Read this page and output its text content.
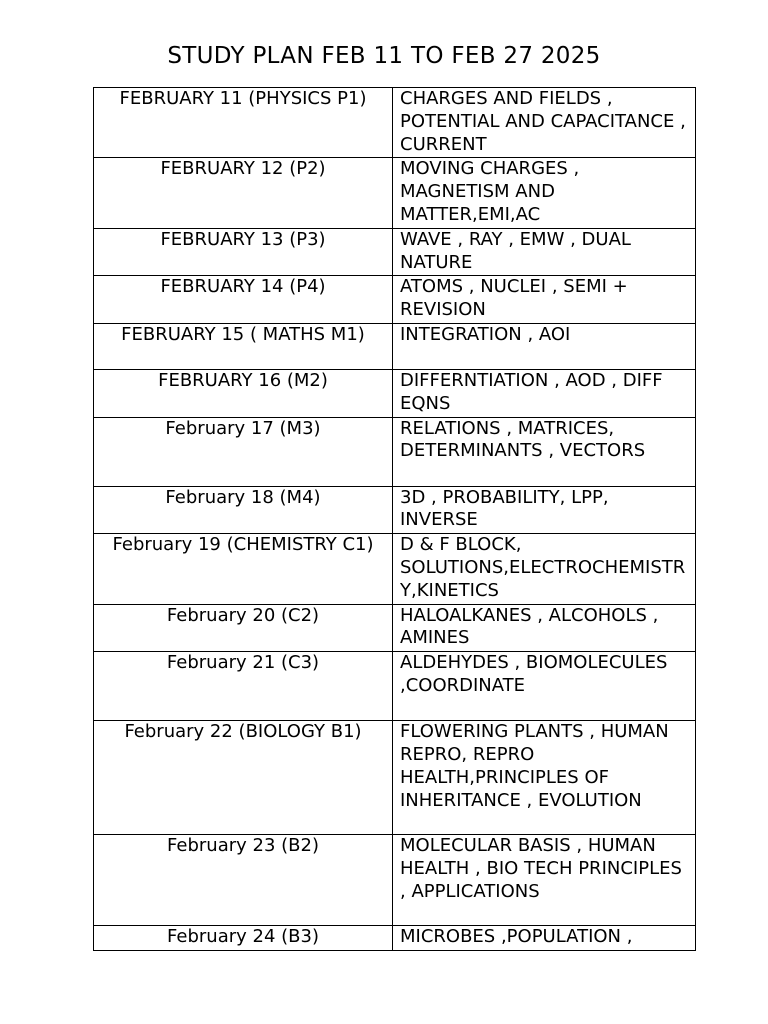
STUDY PLAN FEB 11 TO FEB 27 2025
FEBRUARY 11 (PHYSICS P1)	CHARGES AND FIELDS , POTENTIAL AND CAPACITANCE , CURRENT
FEBRUARY 12 (P2)	MOVING CHARGES , MAGNETISM AND MATTER,EMI,AC
FEBRUARY 13 (P3)	WAVE , RAY , EMW , DUAL NATURE
FEBRUARY 14 (P4)	ATOMS , NUCLEI , SEMI + REVISION
FEBRUARY 15 ( MATHS M1)	INTEGRATION , AOI
FEBRUARY 16 (M2)	DIFFERNTIATION , AOD , DIFF EQNS
February 17 (M3)	RELATIONS , MATRICES, DETERMINANTS , VECTORS
February 18 (M4)	3D , PROBABILITY, LPP, INVERSE
February 19 (CHEMISTRY C1)	D & F BLOCK, SOLUTIONS,ELECTROCHEMISTRY,KINETICS
February 20 (C2)	HALOALKANES , ALCOHOLS , AMINES
February 21 (C3)	ALDEHYDES , BIOMOLECULES ,COORDINATE
February 22 (BIOLOGY B1)	FLOWERING PLANTS , HUMAN REPRO, REPRO HEALTH,PRINCIPLES OF INHERITANCE , EVOLUTION
February 23 (B2)	MOLECULAR BASIS , HUMAN HEALTH , BIO TECH PRINCIPLES , APPLICATIONS
February 24 (B3)	MICROBES ,POPULATION ,
